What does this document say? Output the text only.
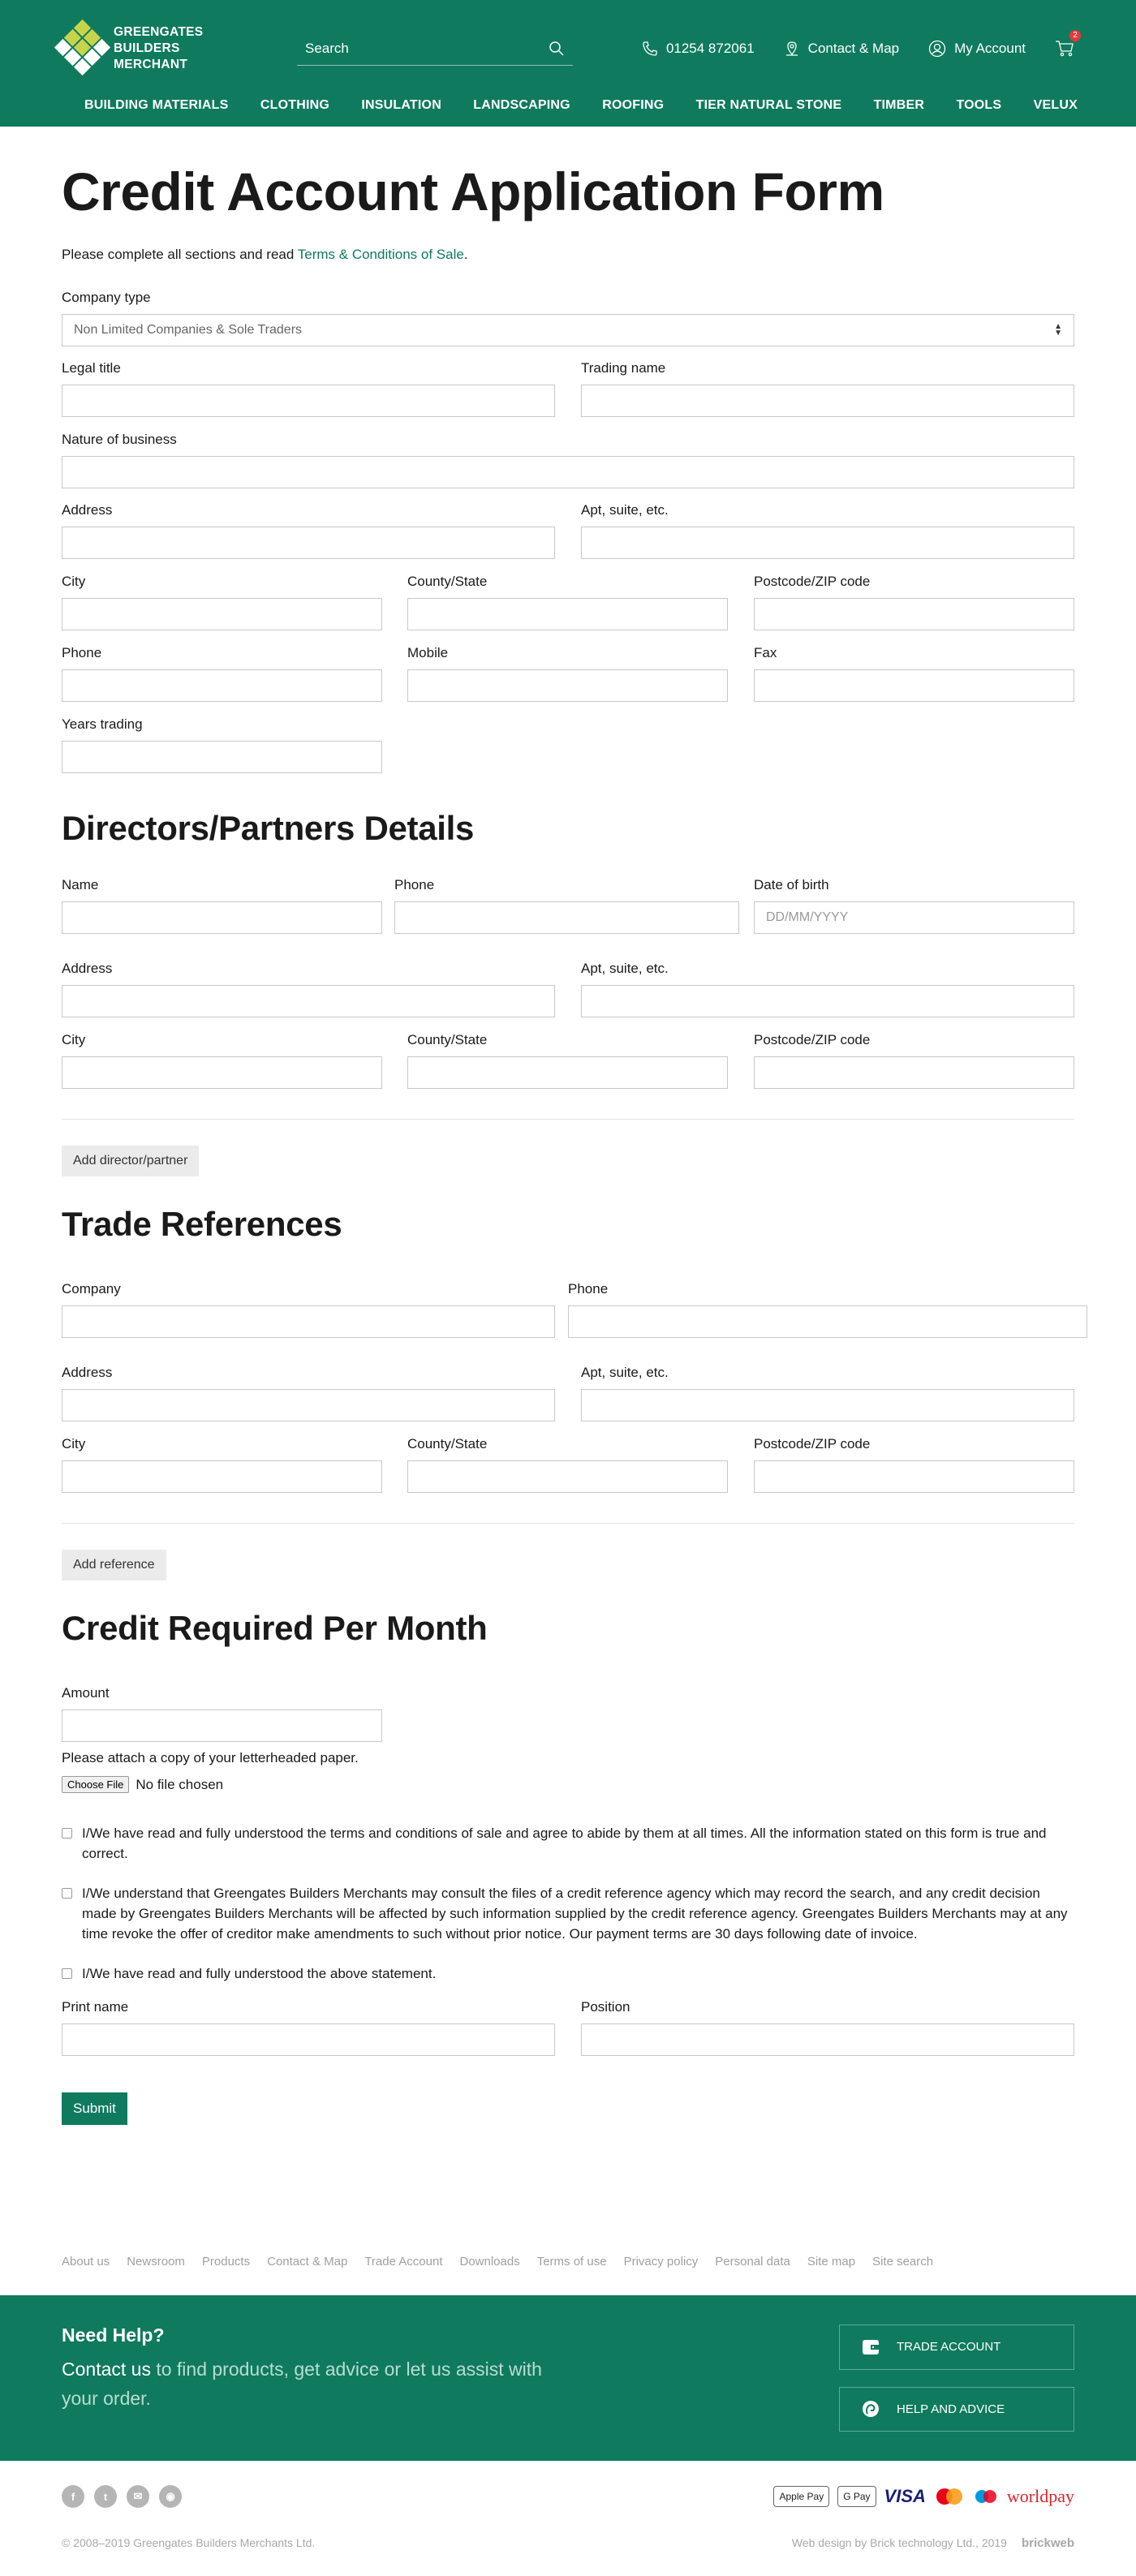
GREENGATES
BUILDERS
MERCHANT
Search
01254 872061	Contact & Map	My Account
2
BUILDING MATERIALS CLOTHING INSULATION LANDSCAPING ROOFING TIER NATURAL STONE TIMBER TOOLS VELUX
Credit Account Application Form

Please complete all sections and read Terms & Conditions of Sale.

Company type
Non Limited Companies & Sole Traders	▲
▼
Legal title	Trading name
Nature of business
Address	Apt, suite, etc.
City	County/State	Postcode/ZIP code
Phone	Mobile	Fax
Years trading
Directors/Partners Details
Name	Phone	Date of birth
DD/MM/YYYY
Address	Apt, suite, etc.
City	County/State	Postcode/ZIP code
Add director/partner
Trade References
Company	Phone
Address	Apt, suite, etc.
City	County/State	Postcode/ZIP code
Add reference
Credit Required Per Month
Amount

Please attach a copy of your letterheaded paper.

Choose File No file chosen
I/We have read and fully understood the terms and conditions of sale and agree to abide by them at all times. All the information stated on this form is true and correct.
I/We understand that Greengates Builders Merchants may consult the files of a credit reference agency which may record the search, and any credit decision made by Greengates Builders Merchants will be affected by such information supplied by the credit reference agency. Greengates Builders Merchants may at any time revoke the offer of creditor make amendments to such without prior notice. Our payment terms are 30 days following date of invoice.
I/We have read and fully understood the above statement.
Print name	Position
Submit
About us Newsroom Products Contact & Map Trade Account Downloads Terms of use Privacy policy Personal data Site map Site search
Need Help?

Contact us to find products, get advice or let us assist with your order.

TRADE ACCOUNT
HELP AND ADVICE
f	t	✉	◉	Apple Pay	G Pay VISA	worldpay
© 2008–2019 Greengates Builders Merchants Ltd.	Web design by Brick technology Ltd., 2019 brickweb
